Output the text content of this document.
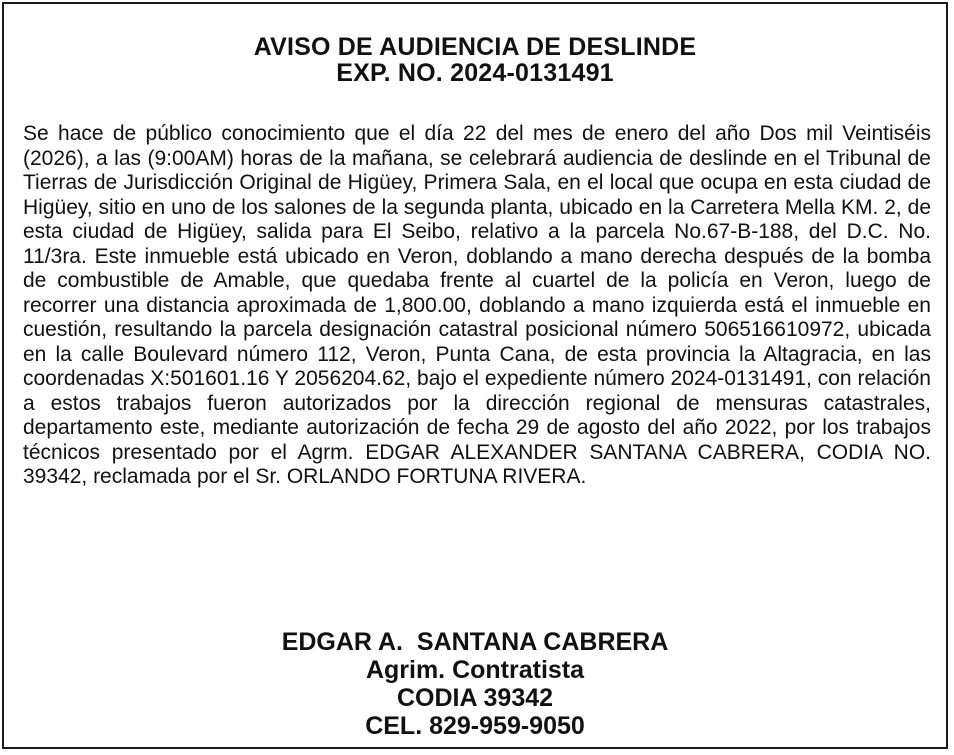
AVISO DE AUDIENCIA DE DESLINDE
EXP. NO. 2024-0131491

Se hace de público conocimiento que el día 22 del mes de enero del año Dos mil Veintiséis (2026), a las (9:00AM) horas de la mañana, se celebrará audiencia de deslinde en el Tribunal de Tierras de Jurisdicción Original de Higüey, Primera Sala, en el local que ocupa en esta ciudad de Higüey, sitio en uno de los salones de la segunda planta, ubicado en la Carretera Mella KM. 2, de esta ciudad de Higüey, salida para El Seibo, relativo a la parcela No.67-B-188, del D.C. No. 11/3ra. Este inmueble está ubicado en Veron, doblando a mano derecha después de la bomba de combustible de Amable, que quedaba frente al cuartel de la policía en Veron, luego de recorrer una distancia aproximada de 1,800.00, doblando a mano izquierda está el inmueble en cuestión, resultando la parcela designación catastral posicional número 506516610972, ubicada en la calle Boulevard número 112, Veron, Punta Cana, de esta provincia la Altagracia, en las coordenadas X:501601.16 Y 2056204.62, bajo el expediente número 2024-0131491, con relación a estos trabajos fueron autorizados por la dirección regional de mensuras catastrales, departamento este, mediante autorización de fecha 29 de agosto del año 2022, por los trabajos técnicos presentado por el Agrm. EDGAR ALEXANDER SANTANA CABRERA, CODIA NO. 39342, reclamada por el Sr. ORLANDO FORTUNA RIVERA.

EDGAR A.  SANTANA CABRERA
Agrim. Contratista
CODIA 39342
CEL. 829-959-9050
